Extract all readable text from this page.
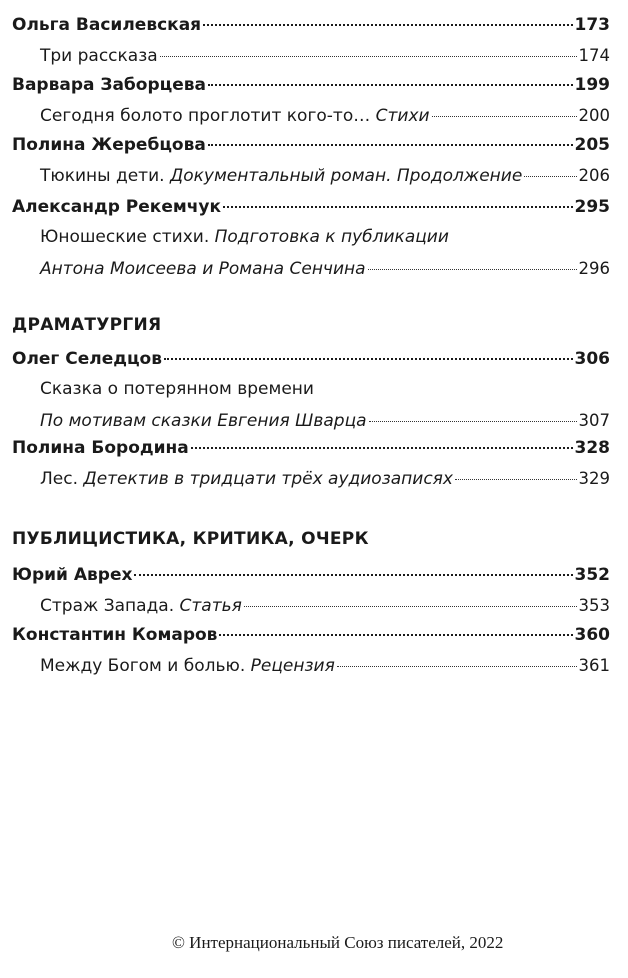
Ольга Василевская	173
Три рассказа	174
Варвара Заборцева	199
Сегодня болото проглотит кого-то… Стихи	200
Полина Жеребцова	205
Тюкины дети. Документальный роман. Продолжение	206
Александр Рекемчук	295
Юношеские стихи. Подготовка к публикации
Антона Моисеева и Романа Сенчина	296
ДРАМАТУРГИЯ
Олег Селедцов	306
Сказка о потерянном времени
По мотивам сказки Евгения Шварца	307
Полина Бородина	328
Лес. Детектив в тридцати трёх аудиозаписях	329
ПУБЛИЦИСТИКА, КРИТИКА, ОЧЕРК
Юрий Аврех	352
Страж Запада. Статья	353
Константин Комаров	360
Между Богом и болью. Рецензия	361
© Интернациональный Союз писателей, 2022
